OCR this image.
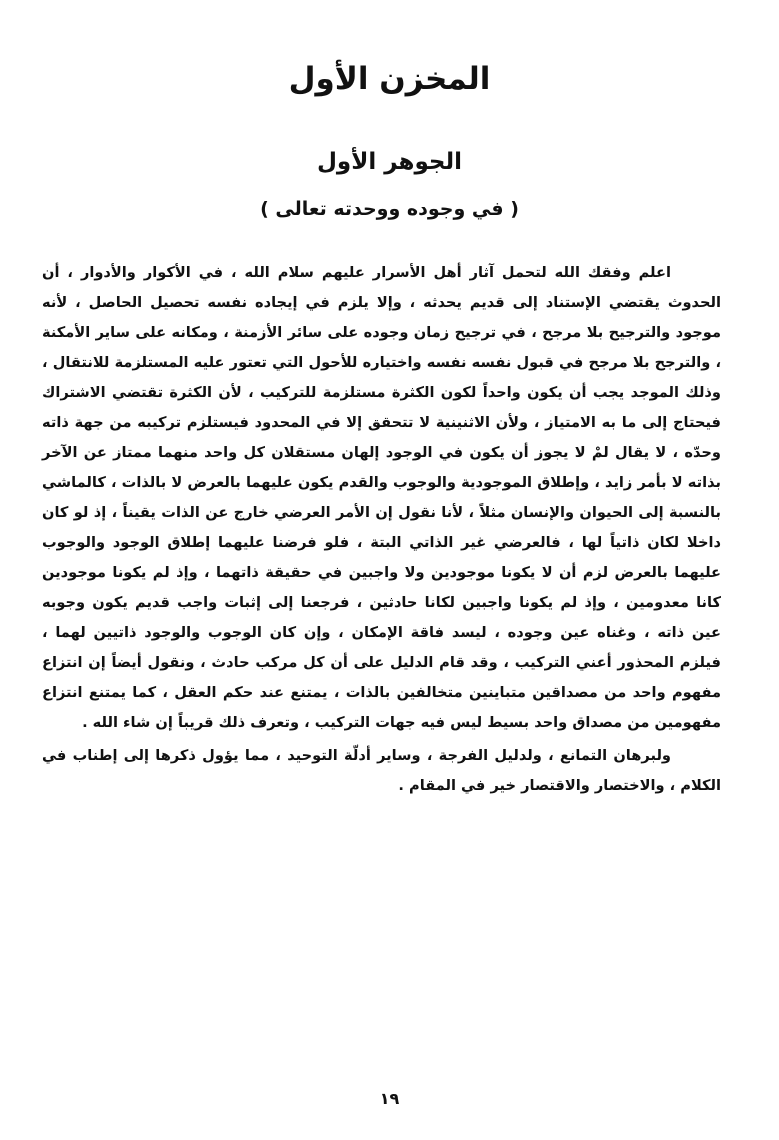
المخزن الأول
الجوهر الأول
( في وجوده ووحدته تعالى )

اعلم وفقك الله لتحمل آثار أهل الأسرار عليهم سلام الله ، في الأكوار والأدوار ، أن الحدوث يقتضي الإستناد إلى قديم يحدثه ، وإلا يلزم في إيجاده نفسه تحصيل الحاصل ، لأنه موجود والترجيح بلا مرجح ، في ترجيح زمان وجوده على سائر الأزمنة ، ومكانه على ساير الأمكنة ، والترجح بلا مرجح في قبول نفسه نفسه واختياره للأحول التي تعتور عليه المستلزمة للانتقال ، وذلك الموجد يجب أن يكون واحداً لكون الكثرة مستلزمة للتركيب ، لأن الكثرة تقتضي الاشتراك فيحتاج إلى ما به الامتياز ، ولأن الاثنينية لا تتحقق إلا في المحدود فيستلزم تركيبه من جهة ذاته وحدّه ، لا يقال لمْ لا يجوز أن يكون في الوجود إلهان مستقلان كل واحد منهما ممتاز عن الآخر بذاته لا بأمر زايد ، وإطلاق الموجودية والوجوب والقدم يكون عليهما بالعرض لا بالذات ، كالماشي بالنسبة إلى الحيوان والإنسان مثلاً ، لأنا نقول إن الأمر العرضي خارج عن الذات يقيناً ، إذ لو كان داخلا لكان ذاتياً لها ، فالعرضي غير الذاتي البتة ، فلو فرضنا عليهما إطلاق الوجود والوجوب عليهما بالعرض لزم أن لا يكونا موجودين ولا واجبين في حقيقة ذاتهما ، وإذ لم يكونا موجودين كانا معدومين ، وإذ لم يكونا واجبين لكانا حادثين ، فرجعنا إلى إثبات واجب قديم يكون وجوبه عين ذاته ، وغناه عين وجوده ، ليسد فاقة الإمكان ، وإن كان الوجوب والوجود ذاتيين لهما ، فيلزم المحذور أعني التركيب ، وقد قام الدليل على أن كل مركب حادث ، ونقول أيضاً إن انتزاع مفهوم واحد من مصداقين متباينين متخالفين بالذات ، يمتنع عند حكم العقل ، كما يمتنع انتزاع مفهومين من مصداق واحد بسيط ليس فيه جهات التركيب ، وتعرف ذلك قريباً إن شاء الله .

ولبرهان التمانع ، ولدليل الفرجة ، وساير أدلّة التوحيد ، مما يؤول ذكرها إلى إطناب في الكلام ، والاختصار والاقتصار خير في المقام .

١٩
